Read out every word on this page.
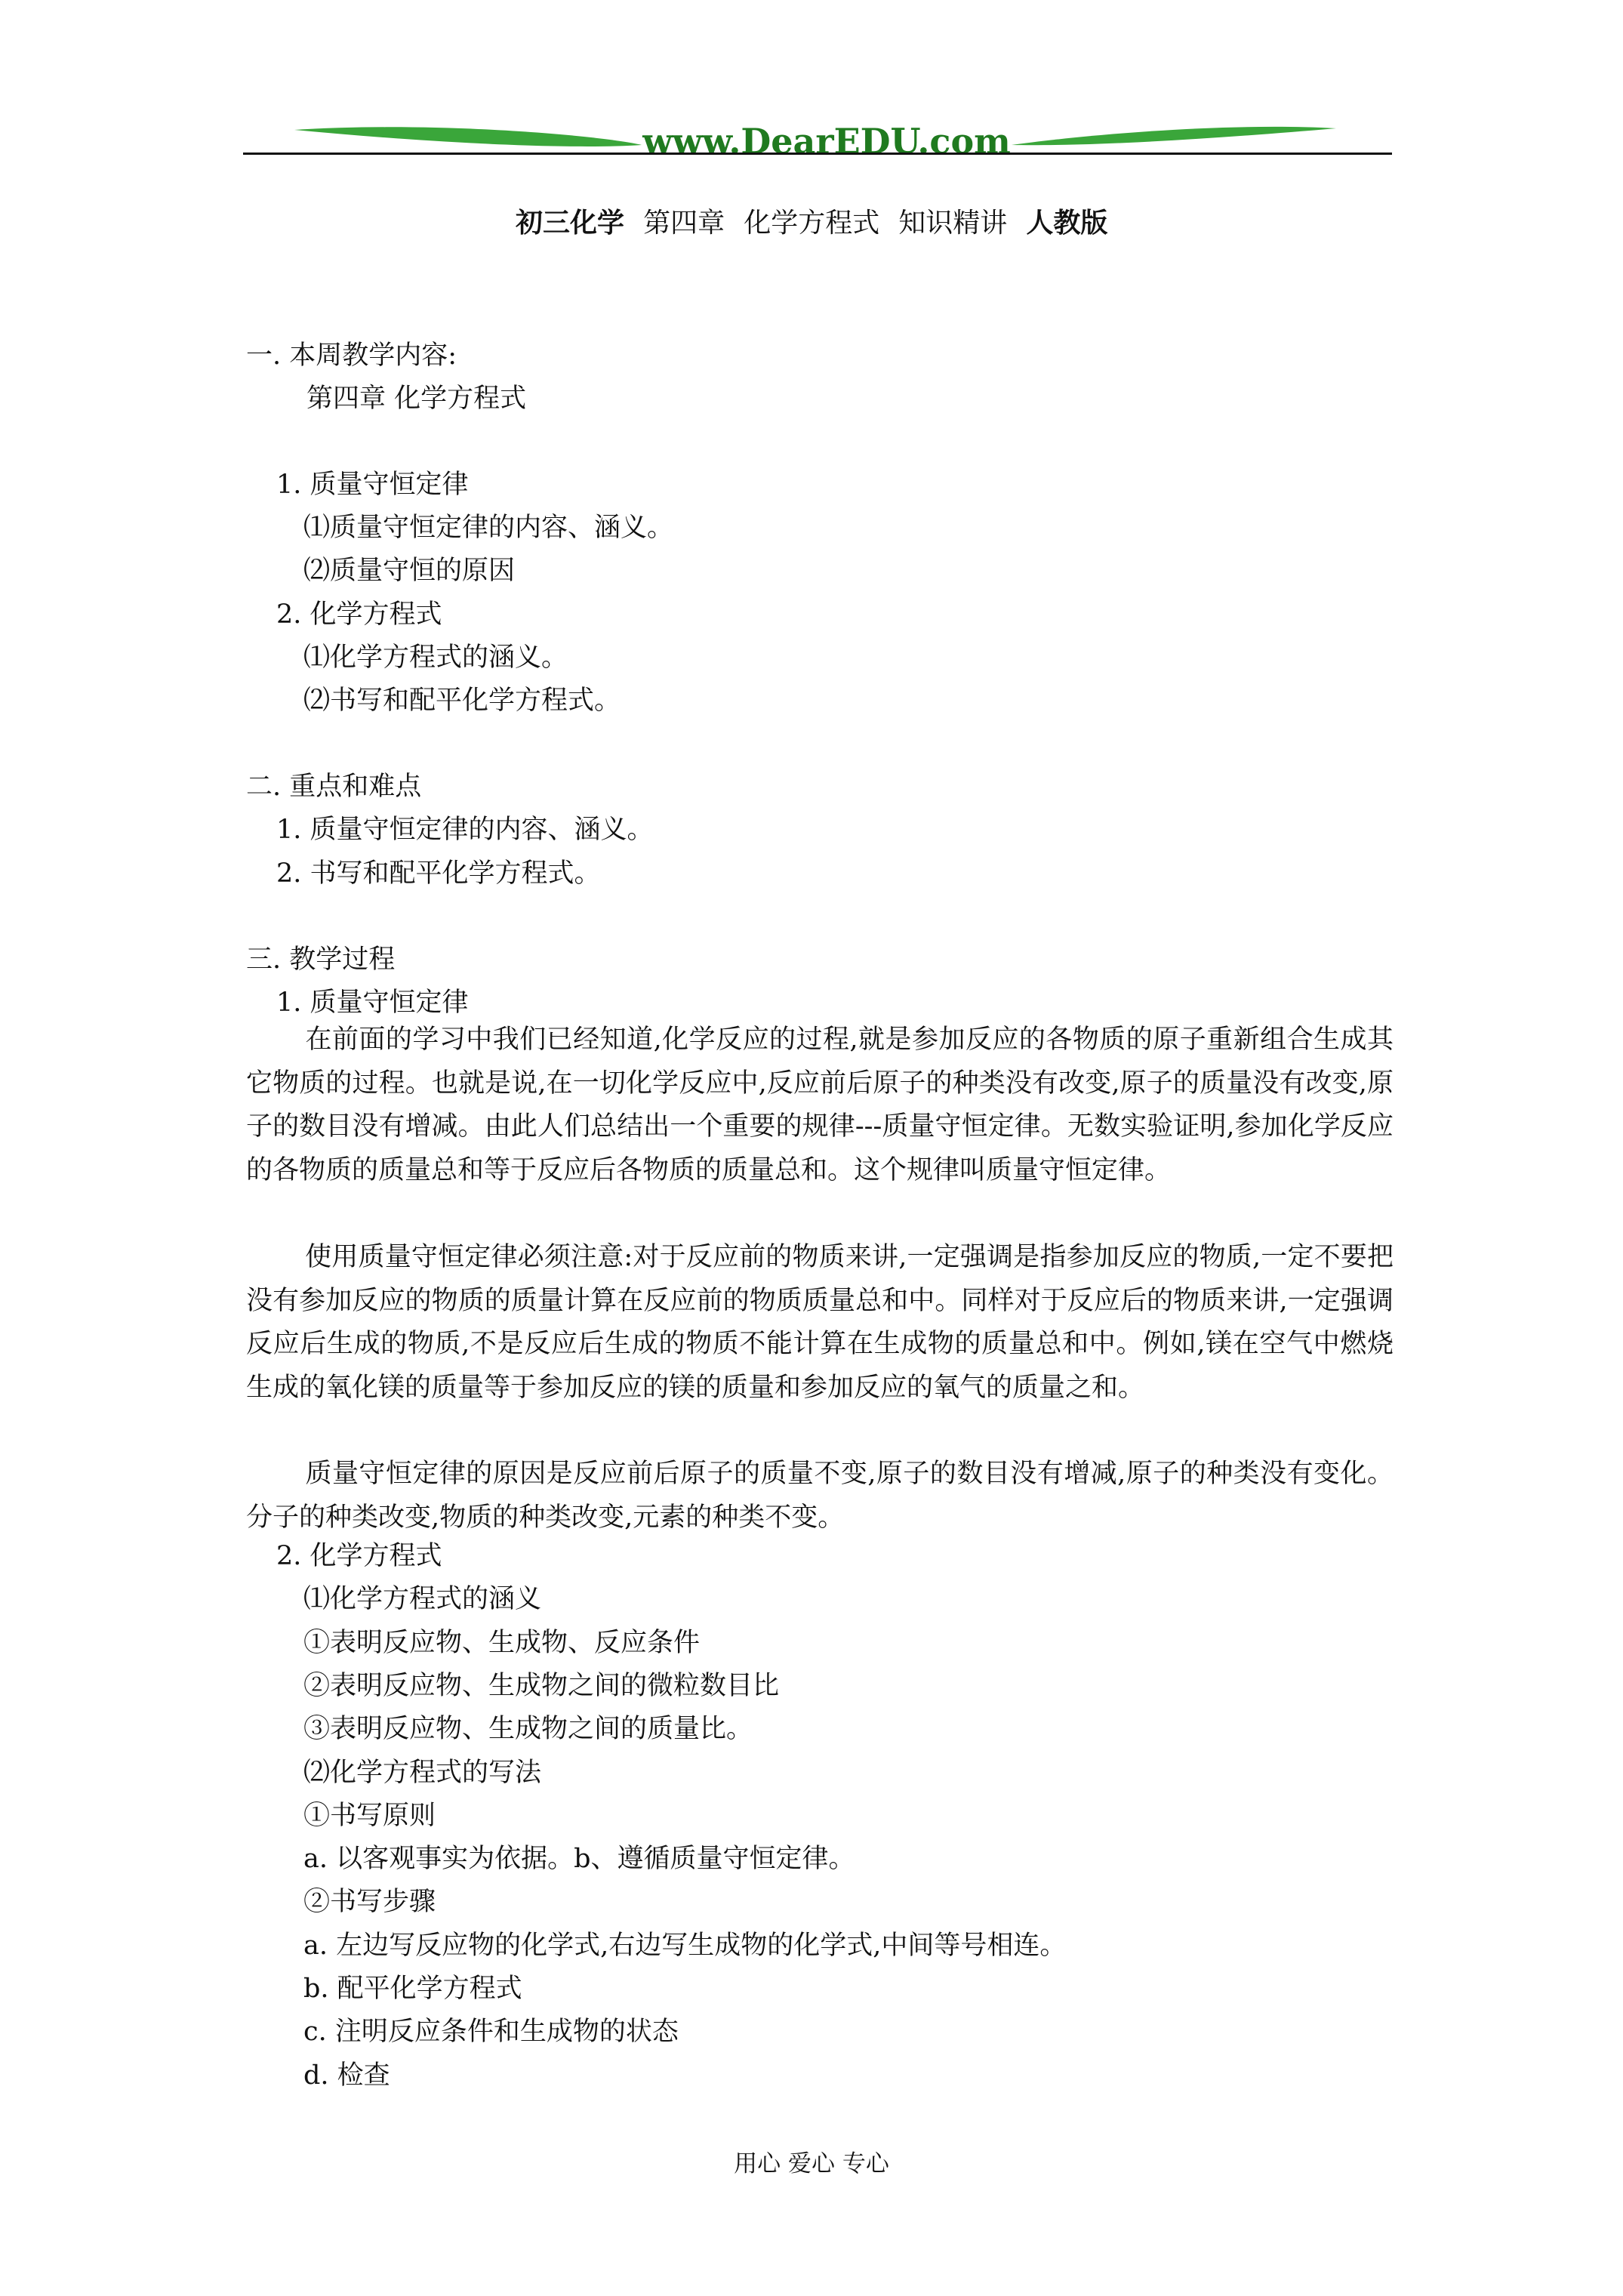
www.DearEDU.com
初三化学 第四章 化学方程式 知识精讲 人教版
一. 本周教学内容:
第四章 化学方程式
1. 质量守恒定律
⑴质量守恒定律的内容、涵义。
⑵质量守恒的原因
2. 化学方程式
⑴化学方程式的涵义。
⑵书写和配平化学方程式。
二. 重点和难点
1. 质量守恒定律的内容、涵义。
2. 书写和配平化学方程式。
三. 教学过程
1. 质量守恒定律
在前面的学习中我们已经知道,化学反应的过程,就是参加反应的各物质的原子重新组合生成其它物质的过程。也就是说,在一切化学反应中,反应前后原子的种类没有改变,原子的质量没有改变,原子的数目没有增减。由此人们总结出一个重要的规律---质量守恒定律。无数实验证明,参加化学反应的各物质的质量总和等于反应后各物质的质量总和。这个规律叫质量守恒定律。
使用质量守恒定律必须注意:对于反应前的物质来讲,一定强调是指参加反应的物质,一定不要把没有参加反应的物质的质量计算在反应前的物质质量总和中。同样对于反应后的物质来讲,一定强调反应后生成的物质,不是反应后生成的物质不能计算在生成物的质量总和中。例如,镁在空气中燃烧生成的氧化镁的质量等于参加反应的镁的质量和参加反应的氧气的质量之和。
质量守恒定律的原因是反应前后原子的质量不变,原子的数目没有增减,原子的种类没有变化。分子的种类改变,物质的种类改变,元素的种类不变。
2. 化学方程式
⑴化学方程式的涵义
①表明反应物、生成物、反应条件
②表明反应物、生成物之间的微粒数目比
③表明反应物、生成物之间的质量比。
⑵化学方程式的写法
①书写原则
a. 以客观事实为依据。b、遵循质量守恒定律。
②书写步骤
a. 左边写反应物的化学式,右边写生成物的化学式,中间等号相连。
b. 配平化学方程式
c. 注明反应条件和生成物的状态
d. 检查
用心 爱心 专心
